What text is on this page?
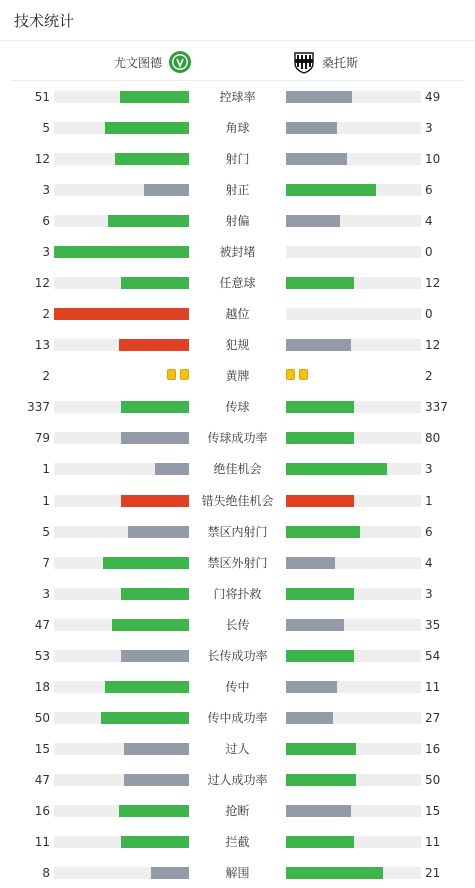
技术统计
尤文图德	桑托斯
51	控球率	49
5	角球	3
12	射门	10
3	射正	6
6	射偏	4
3	被封堵	0
12	任意球	12
2	越位	0
13	犯规	12
2	黄牌	2
337	传球	337
79	传球成功率	80
1	绝佳机会	3
1	错失绝佳机会	1
5	禁区内射门	6
7	禁区外射门	4
3	门将扑救	3
47	长传	35
53	长传成功率	54
18	传中	11
50	传中成功率	27
15	过人	16
47	过人成功率	50
16	抢断	15
11	拦截	11
8	解围	21
